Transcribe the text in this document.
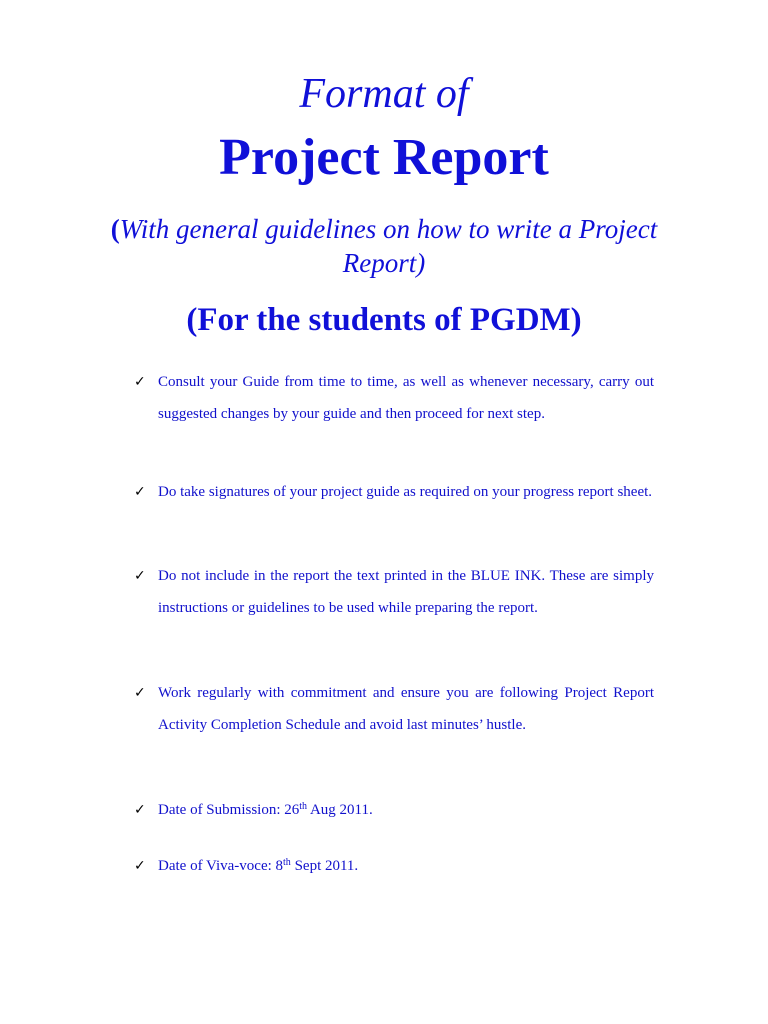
Format of
Project Report
(With general guidelines on how to write a Project Report)
(For the students of PGDM)
✓ Consult your Guide from time to time, as well as whenever necessary, carry out suggested changes by your guide and then proceed for next step.
✓ Do take signatures of your project guide as required on your progress report sheet.
✓ Do not include in the report the text printed in the BLUE INK. These are simply instructions or guidelines to be used while preparing the report.
✓ Work regularly with commitment and ensure you are following Project Report Activity Completion Schedule and avoid last minutes’ hustle.
✓ Date of Submission: 26th Aug 2011.
✓ Date of Viva-voce: 8th Sept 2011.
